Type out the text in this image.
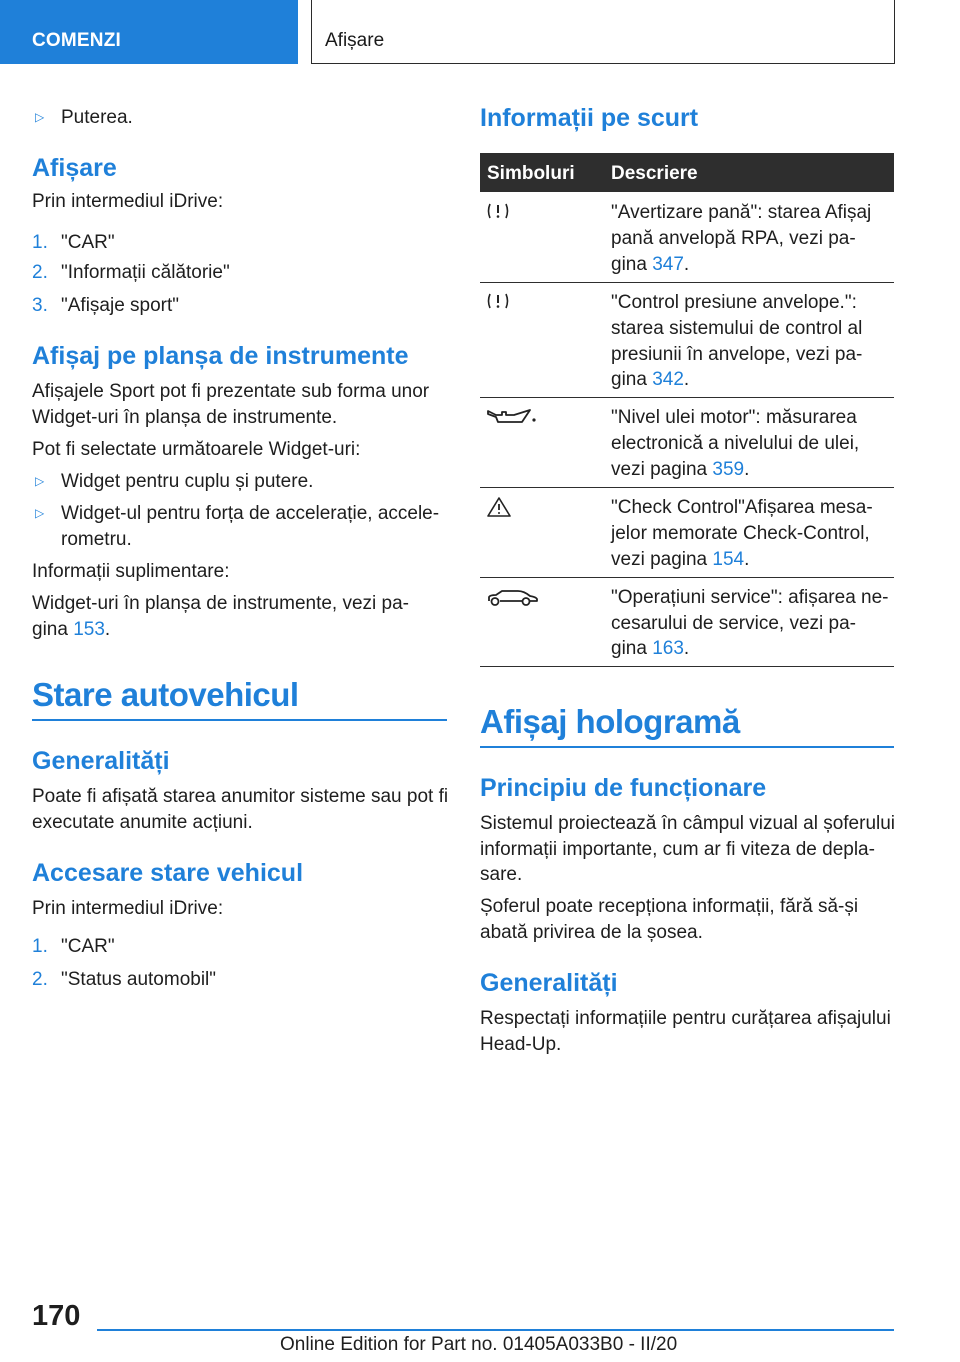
COMENZI	Afișare
▷ Puterea.
Afișare
Prin intermediul iDrive:
1. "CAR"
2. "Informații călătorie"
3. "Afișaje sport"
Afișaj pe planșa de instrumente
Afișajele Sport pot fi prezentate sub forma unor
Widget-uri în planșa de instrumente.
Pot fi selectate următoarele Widget-uri:
▷ Widget pentru cuplu și putere.
▷ Widget-ul pentru forța de accelerație, accele‐
rometru.
Informații suplimentare:
Widget-uri în planșa de instrumente, vezi pa‐
gina 153.
Stare autovehicul
Generalități
Poate fi afișată starea anumitor sisteme sau pot fi
executate anumite acțiuni.
Accesare stare vehicul
Prin intermediul iDrive:
1. "CAR"
2. "Status automobil"
Informații pe scurt
Simboluri Descriere
"Avertizare pană": starea Afișaj
pană anvelopă RPA, vezi pa‐
gina 347.
"Control presiune anvelope.":
starea sistemului de control al
presiunii în anvelope, vezi pa‐
gina 342.
"Nivel ulei motor": măsurarea
electronică a nivelului de ulei,
vezi pagina 359.
"Check Control"Afișarea mesa‐
jelor memorate Check-Control,
vezi pagina 154.
"Operațiuni service": afișarea ne‐
cesarului de service, vezi pa‐
gina 163.
Afișaj hologramă
Principiu de funcționare
Sistemul proiectează în câmpul vizual al șoferului
informații importante, cum ar fi viteza de depla‐
sare.
Șoferul poate recepționa informații, fără să-și
abată privirea de la șosea.
Generalități
Respectați informațiile pentru curățarea afișajului
Head-Up.
170
Online Edition for Part no. 01405A033B0 - II/20
